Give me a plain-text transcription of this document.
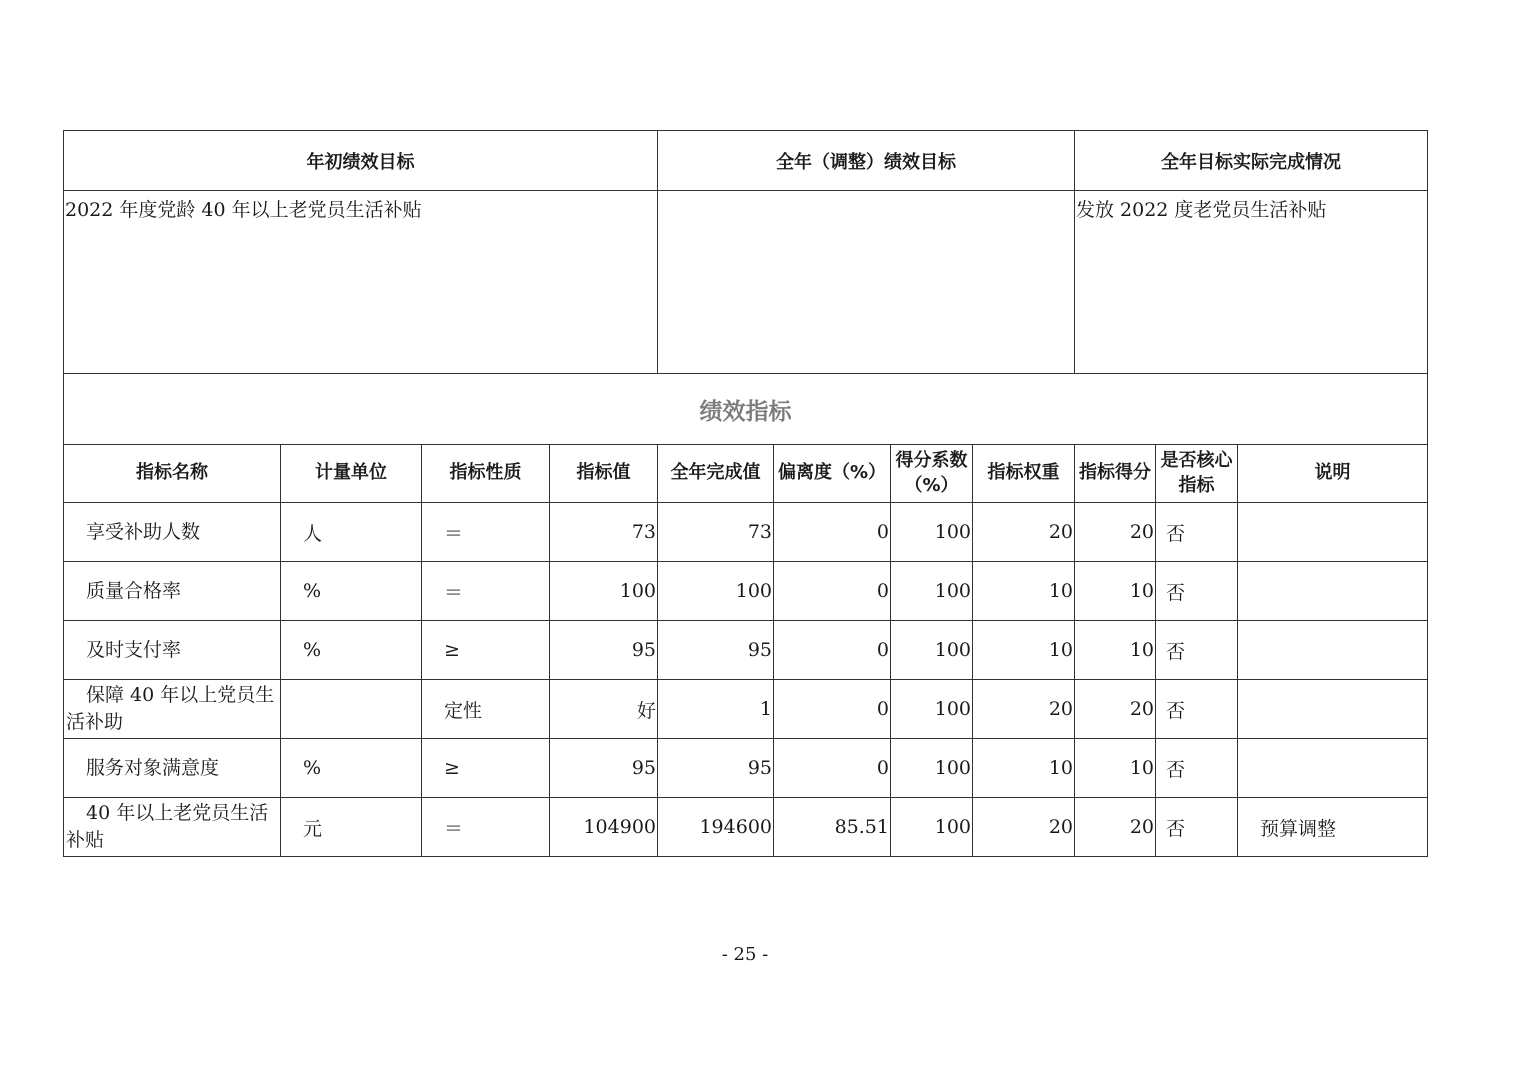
年初绩效目标	全年（调整）绩效目标	全年目标实际完成情况
2022 年度党龄 40 年以上老党员生活补贴		发放 2022 度老党员生活补贴
绩效指标										
指标名称	计量单位	指标性质	指标值	全年完成值	偏离度（%）	得分系数（%）	指标权重	指标得分	是否核心指标	说明
享受补助人数	人	＝	73	73	0	100	20	20	否	
质量合格率	%	＝	100	100	0	100	10	10	否	
及时支付率	%	≥	95	95	0	100	10	10	否	
保障 40 年以上党员生活补助		定性	好	1	0	100	20	20	否	
服务对象满意度	%	≥	95	95	0	100	10	10	否	
40 年以上老党员生活补贴	元	＝	104900	194600	85.51	100	20	20	否	预算调整
- 25 -
